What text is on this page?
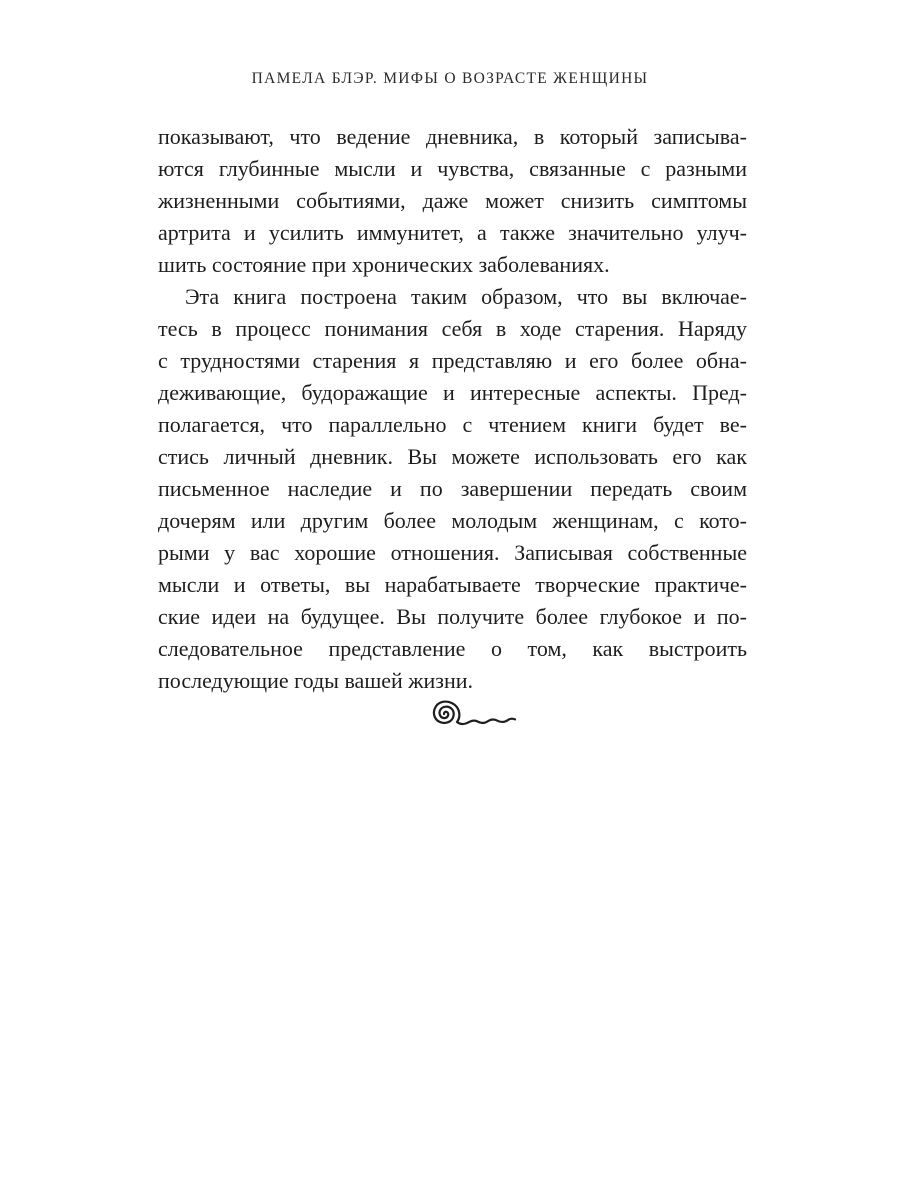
ПАМЕЛА БЛЭР. МИФЫ О ВОЗРАСТЕ ЖЕНЩИНЫ
показывают, что ведение дневника, в который записыва-
ются глубинные мысли и чувства, связанные с разными
жизненными событиями, даже может снизить симптомы
артрита и усилить иммунитет, а также значительно улуч-
шить состояние при хронических заболеваниях.
Эта книга построена таким образом, что вы включае-
тесь в процесс понимания себя в ходе старения. Наряду
с трудностями старения я представляю и его более обна-
деживающие, будоражащие и интересные аспекты. Пред-
полагается, что параллельно с чтением книги будет ве-
стись личный дневник. Вы можете использовать его как
письменное наследие и по завершении передать своим
дочерям или другим более молодым женщинам, с кото-
рыми у вас хорошие отношения. Записывая собственные
мысли и ответы, вы нарабатываете творческие практиче-
ские идеи на будущее. Вы получите более глубокое и по-
следовательное представление о том, как выстроить
последующие годы вашей жизни.
